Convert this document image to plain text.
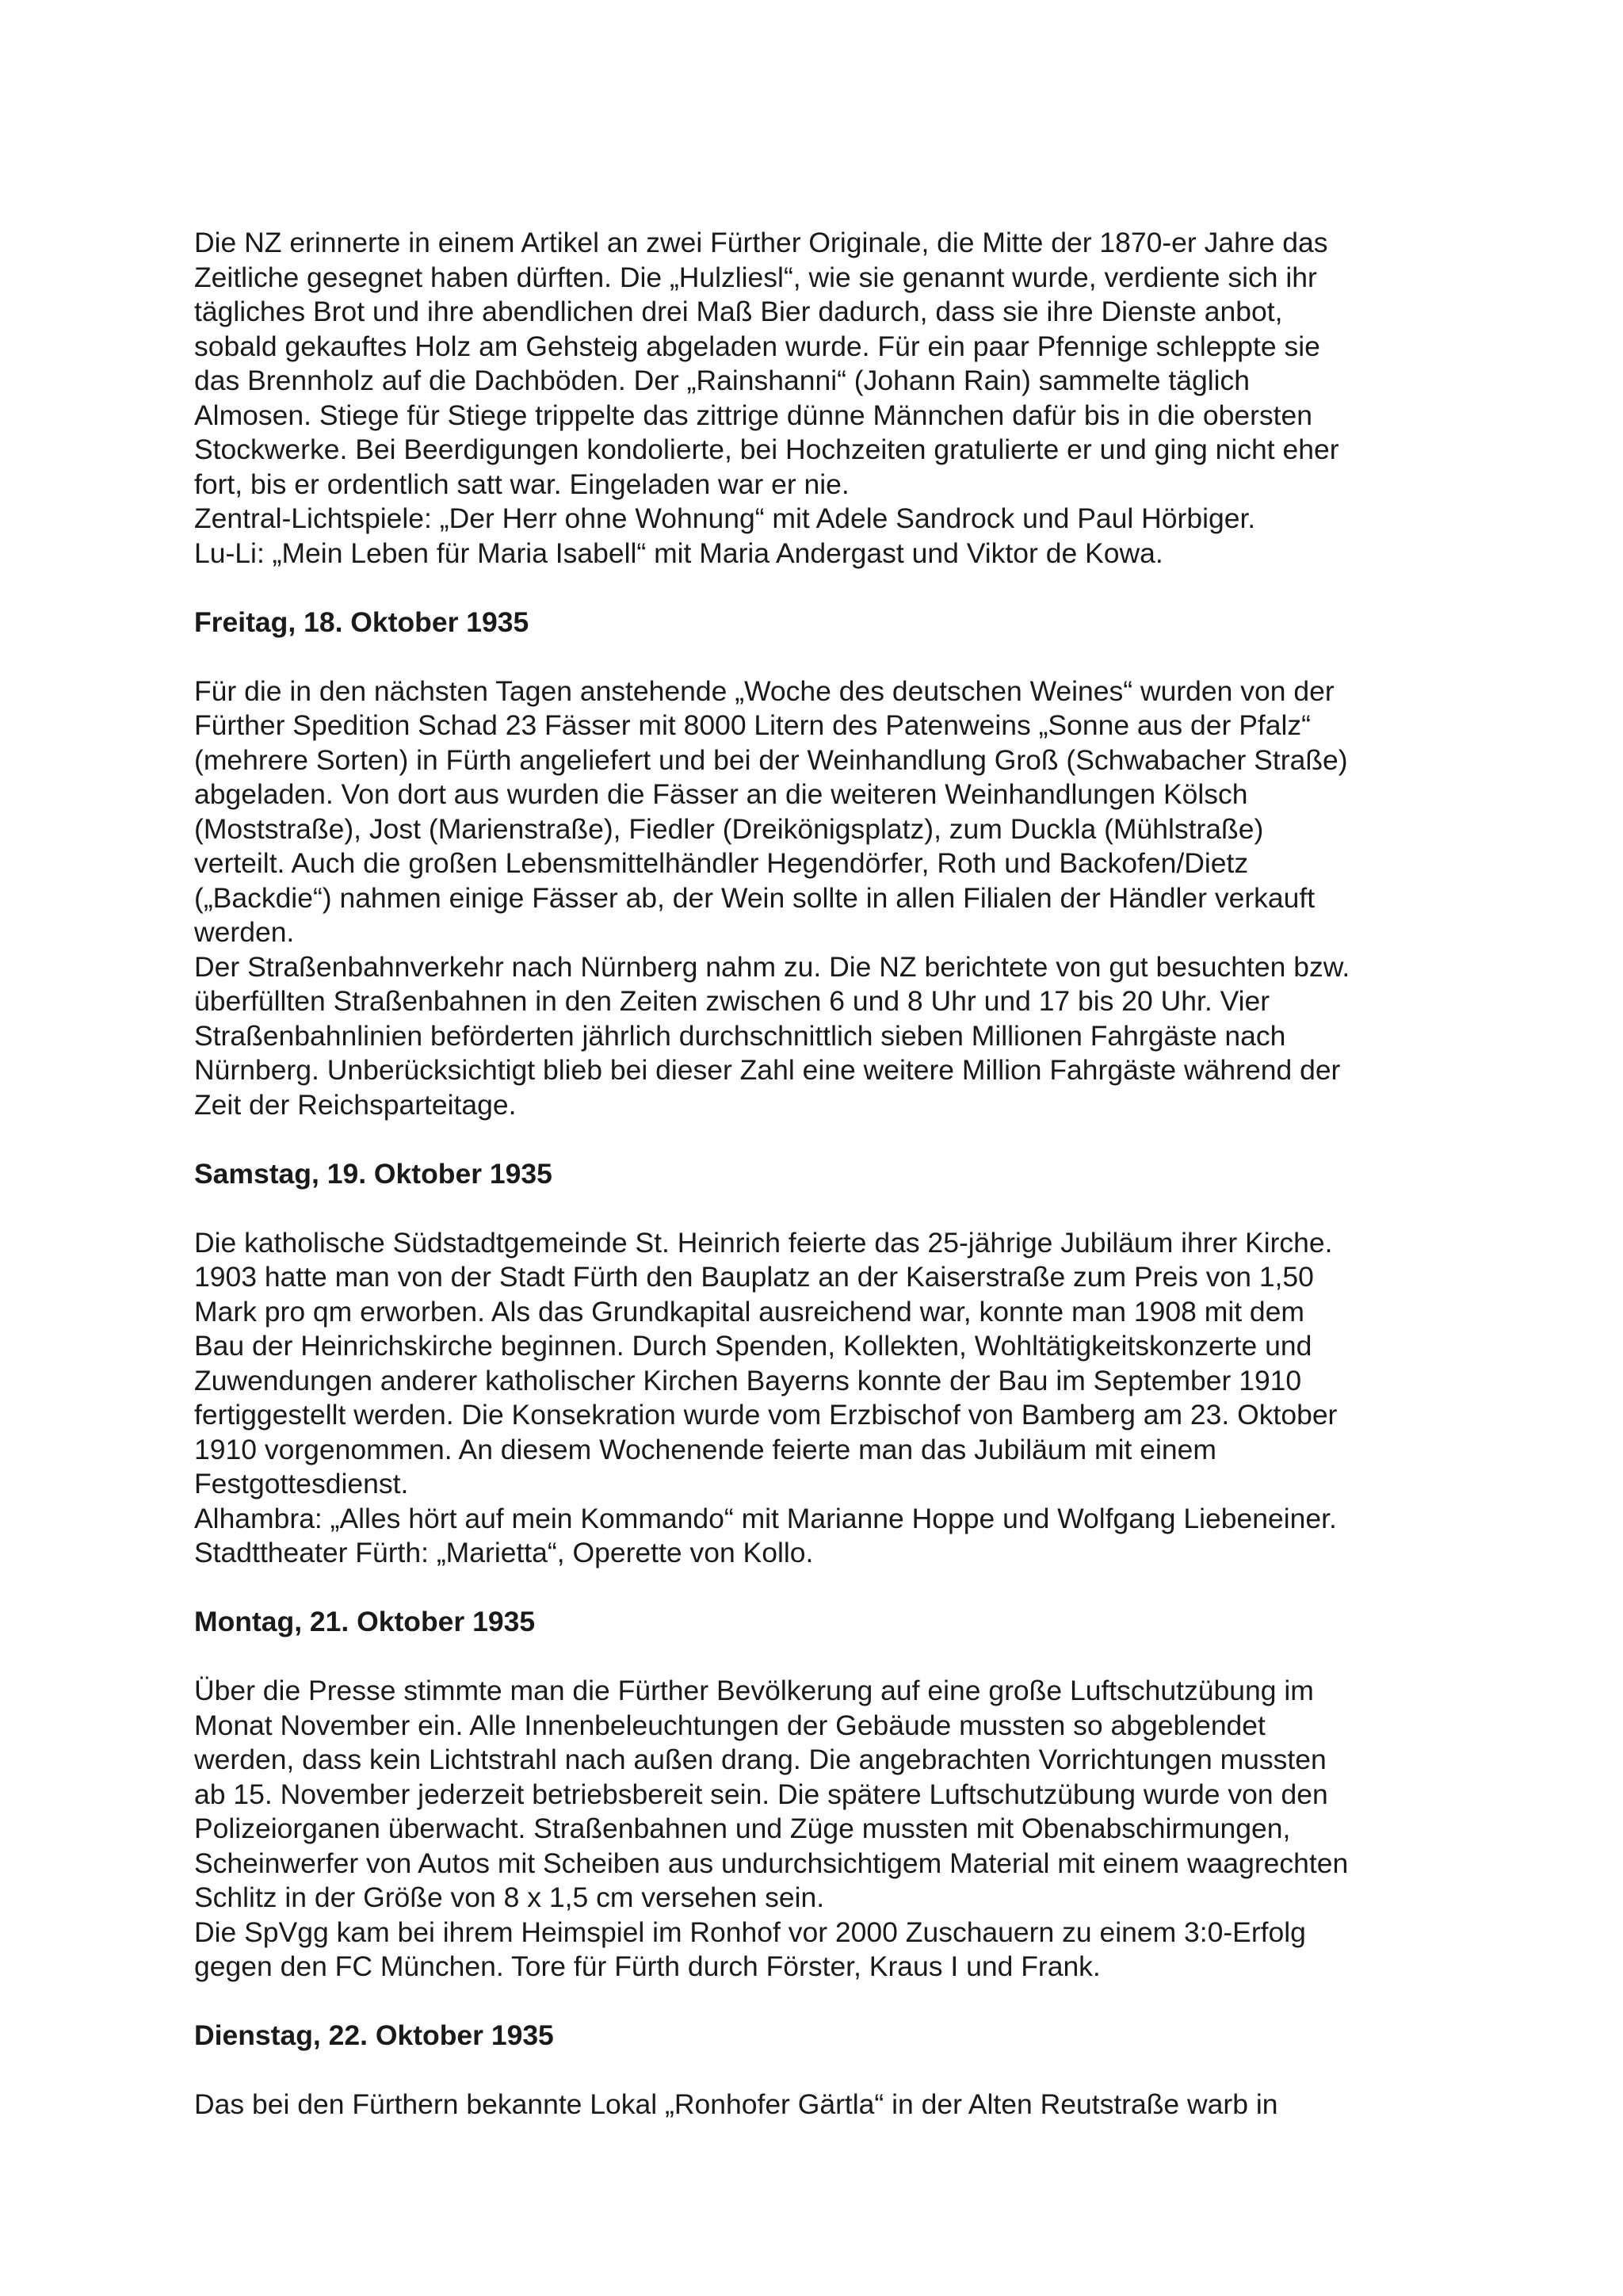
Die NZ erinnerte in einem Artikel an zwei Fürther Originale, die Mitte der 1870-er Jahre das
Zeitliche gesegnet haben dürften. Die „Hulzliesl“, wie sie genannt wurde, verdiente sich ihr
tägliches Brot und ihre abendlichen drei Maß Bier dadurch, dass sie ihre Dienste anbot,
sobald gekauftes Holz am Gehsteig abgeladen wurde. Für ein paar Pfennige schleppte sie
das Brennholz auf die Dachböden. Der „Rainshanni“ (Johann Rain) sammelte täglich
Almosen. Stiege für Stiege trippelte das zittrige dünne Männchen dafür bis in die obersten
Stockwerke. Bei Beerdigungen kondolierte, bei Hochzeiten gratulierte er und ging nicht eher
fort, bis er ordentlich satt war. Eingeladen war er nie.
Zentral-Lichtspiele: „Der Herr ohne Wohnung“ mit Adele Sandrock und Paul Hörbiger.
Lu-Li: „Mein Leben für Maria Isabell“ mit Maria Andergast und Viktor de Kowa.

Freitag, 18. Oktober 1935

Für die in den nächsten Tagen anstehende „Woche des deutschen Weines“ wurden von der
Fürther Spedition Schad 23 Fässer mit 8000 Litern des Patenweins „Sonne aus der Pfalz“
(mehrere Sorten) in Fürth angeliefert und bei der Weinhandlung Groß (Schwabacher Straße)
abgeladen. Von dort aus wurden die Fässer an die weiteren Weinhandlungen Kölsch
(Moststraße), Jost (Marienstraße), Fiedler (Dreikönigsplatz), zum Duckla (Mühlstraße)
verteilt. Auch die großen Lebensmittelhändler Hegendörfer, Roth und Backofen/Dietz
(„Backdie“) nahmen einige Fässer ab, der Wein sollte in allen Filialen der Händler verkauft
werden.
Der Straßenbahnverkehr nach Nürnberg nahm zu. Die NZ berichtete von gut besuchten bzw.
überfüllten Straßenbahnen in den Zeiten zwischen 6 und 8 Uhr und 17 bis 20 Uhr. Vier
Straßenbahnlinien beförderten jährlich durchschnittlich sieben Millionen Fahrgäste nach
Nürnberg. Unberücksichtigt blieb bei dieser Zahl eine weitere Million Fahrgäste während der
Zeit der Reichsparteitage.

Samstag, 19. Oktober 1935

Die katholische Südstadtgemeinde St. Heinrich feierte das 25-jährige Jubiläum ihrer Kirche.
1903 hatte man von der Stadt Fürth den Bauplatz an der Kaiserstraße zum Preis von 1,50
Mark pro qm erworben. Als das Grundkapital ausreichend war, konnte man 1908 mit dem
Bau der Heinrichskirche beginnen. Durch Spenden, Kollekten, Wohltätigkeitskonzerte und
Zuwendungen anderer katholischer Kirchen Bayerns konnte der Bau im September 1910
fertiggestellt werden. Die Konsekration wurde vom Erzbischof von Bamberg am 23. Oktober
1910 vorgenommen. An diesem Wochenende feierte man das Jubiläum mit einem
Festgottesdienst.
Alhambra: „Alles hört auf mein Kommando“ mit Marianne Hoppe und Wolfgang Liebeneiner.
Stadttheater Fürth: „Marietta“, Operette von Kollo.

Montag, 21. Oktober 1935

Über die Presse stimmte man die Fürther Bevölkerung auf eine große Luftschutzübung im
Monat November ein. Alle Innenbeleuchtungen der Gebäude mussten so abgeblendet
werden, dass kein Lichtstrahl nach außen drang. Die angebrachten Vorrichtungen mussten
ab 15. November jederzeit betriebsbereit sein. Die spätere Luftschutzübung wurde von den
Polizeiorganen überwacht. Straßenbahnen und Züge mussten mit Obenabschirmungen,
Scheinwerfer von Autos mit Scheiben aus undurchsichtigem Material mit einem waagrechten
Schlitz in der Größe von 8 x 1,5 cm versehen sein.
Die SpVgg kam bei ihrem Heimspiel im Ronhof vor 2000 Zuschauern zu einem 3:0-Erfolg
gegen den FC München. Tore für Fürth durch Förster, Kraus I und Frank.

Dienstag, 22. Oktober 1935

Das bei den Fürthern bekannte Lokal „Ronhofer Gärtla“ in der Alten Reutstraße warb in
